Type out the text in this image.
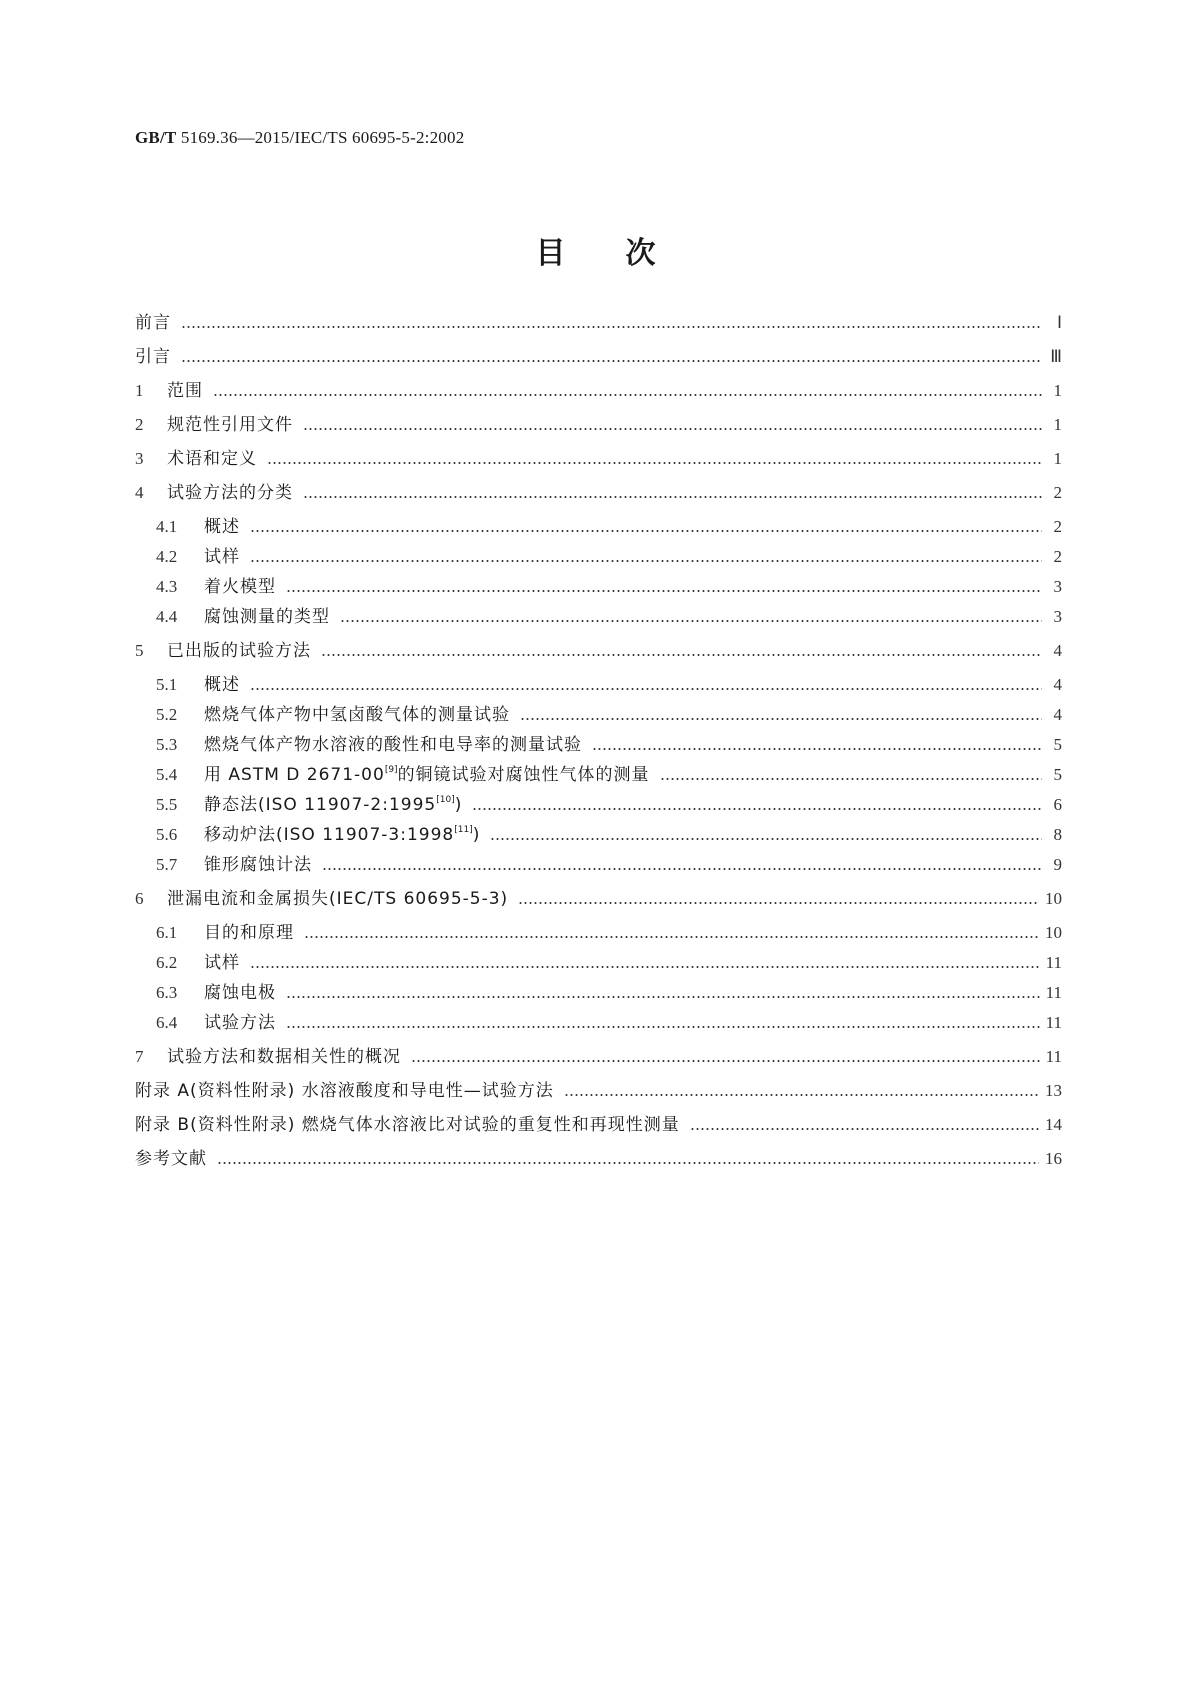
GB/T 5169.36—2015/IEC/TS 60695-5-2:2002
目 次
前言	Ⅰ
引言	Ⅲ
1	范围	1
2	规范性引用文件	1
3	术语和定义	1
4	试验方法的分类	2
4.1	概述	2
4.2	试样	2
4.3	着火模型	3
4.4	腐蚀测量的类型	3
5	已出版的试验方法	4
5.1	概述	4
5.2	燃烧气体产物中氢卤酸气体的测量试验	4
5.3	燃烧气体产物水溶液的酸性和电导率的测量试验	5
5.4	用 ASTM D 2671-00[9]的铜镜试验对腐蚀性气体的测量	5
5.5	静态法(ISO 11907-2:1995[10])	6
5.6	移动炉法(ISO 11907-3:1998[11])	8
5.7	锥形腐蚀计法	9
6	泄漏电流和金属损失(IEC/TS 60695-5-3)	10
6.1	目的和原理	10
6.2	试样	11
6.3	腐蚀电极	11
6.4	试验方法	11
7	试验方法和数据相关性的概况	11
附录 A(资料性附录) 水溶液酸度和导电性—试验方法	13
附录 B(资料性附录) 燃烧气体水溶液比对试验的重复性和再现性测量	14
参考文献	16
